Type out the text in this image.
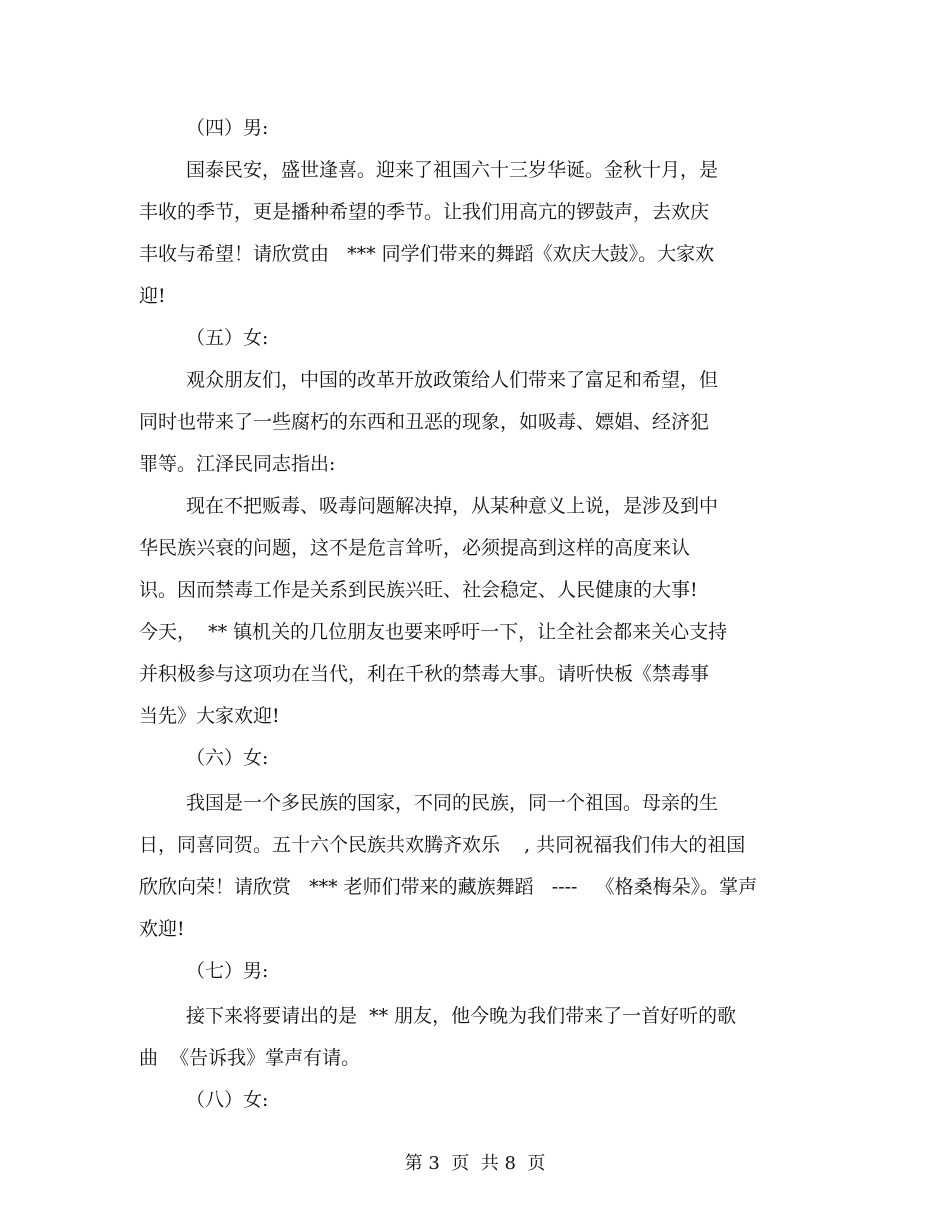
（四）男:
国泰民安，盛世逢喜。迎来了祖国六十三岁华诞。金秋十月，是
丰收的季节，更是播种希望的季节。让我们用高亢的锣鼓声，去欢庆
丰收与希望！请欣赏由   *** 同学们带来的舞蹈《欢庆大鼓》。大家欢
迎!
（五）女:
观众朋友们，中国的改革开放政策给人们带来了富足和希望，但
同时也带来了一些腐朽的东西和丑恶的现象，如吸毒、嫖娼、经济犯
罪等。江泽民同志指出:
现在不把贩毒、吸毒问题解决掉，从某种意义上说，是涉及到中
华民族兴衰的问题，这不是危言耸听，必须提高到这样的高度来认
识。因而禁毒工作是关系到民族兴旺、社会稳定、人民健康的大事!
今天，  ** 镇机关的几位朋友也要来呼吁一下，让全社会都来关心支持
并积极参与这项功在当代，利在千秋的禁毒大事。请听快板《禁毒事
当先》大家欢迎!
（六）女:
我国是一个多民族的国家，不同的民族，同一个祖国。母亲的生
日，同喜同贺。五十六个民族共欢腾齐欢乐    , 共同祝福我们伟大的祖国
欣欣向荣！请欣赏   *** 老师们带来的藏族舞蹈   ----   《格桑梅朵》。掌声
欢迎!
（七）男:
接下来将要请出的是  ** 朋友，他今晚为我们带来了一首好听的歌
曲  《告诉我》掌声有请。
（八）女:
第 3  页  共 8  页
